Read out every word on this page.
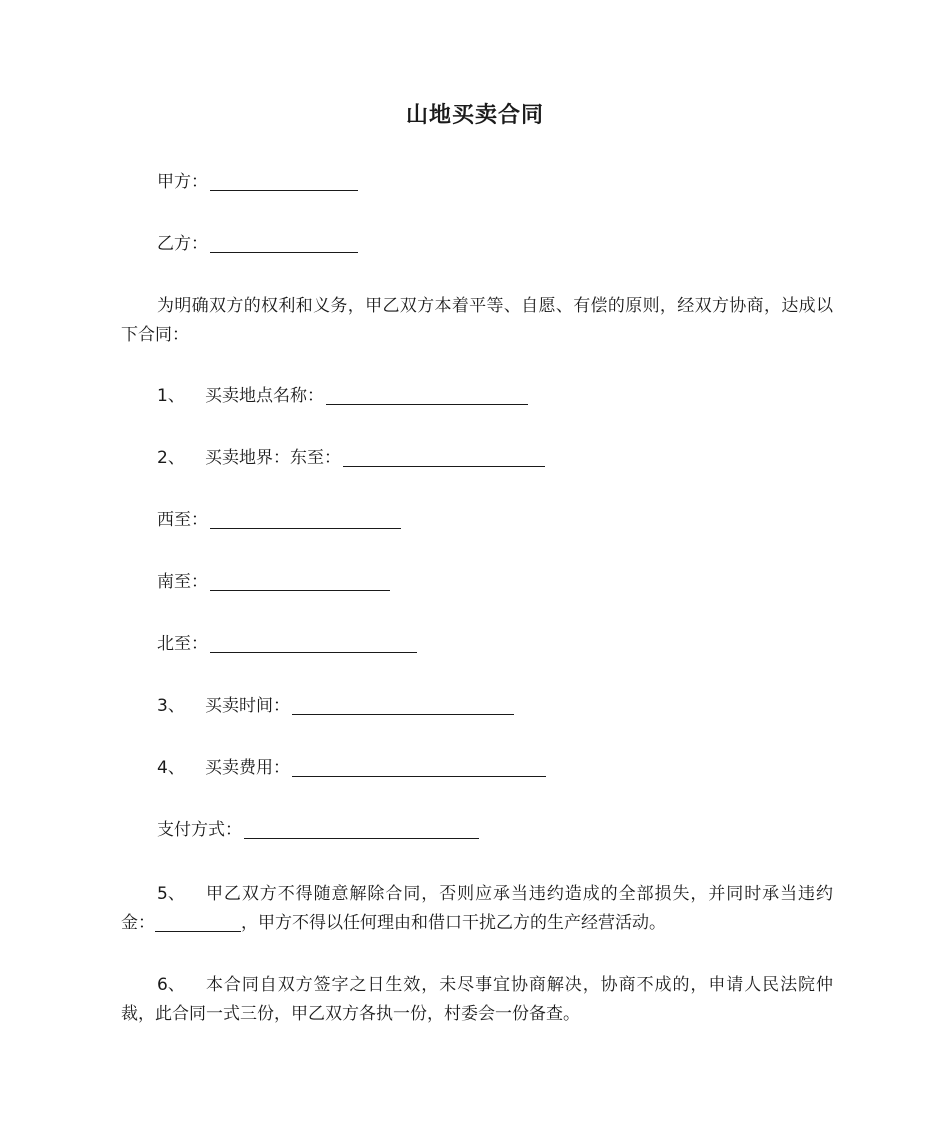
山地买卖合同
甲方：
乙方：
为明确双方的权利和义务，甲乙双方本着平等、自愿、有偿的原则，经双方协商，达成以下合同：
1、 买卖地点名称：
2、 买卖地界：东至：
西至：
南至：
北至：
3、 买卖时间：
4、 买卖费用：
支付方式：
5、 甲乙双方不得随意解除合同，否则应承当违约造成的全部损失，并同时承当违约金：	，甲方不得以任何理由和借口干扰乙方的生产经营活动。
6、 本合同自双方签字之日生效，未尽事宜协商解决，协商不成的，申请人民法院仲裁，此合同一式三份，甲乙双方各执一份，村委会一份备查。
